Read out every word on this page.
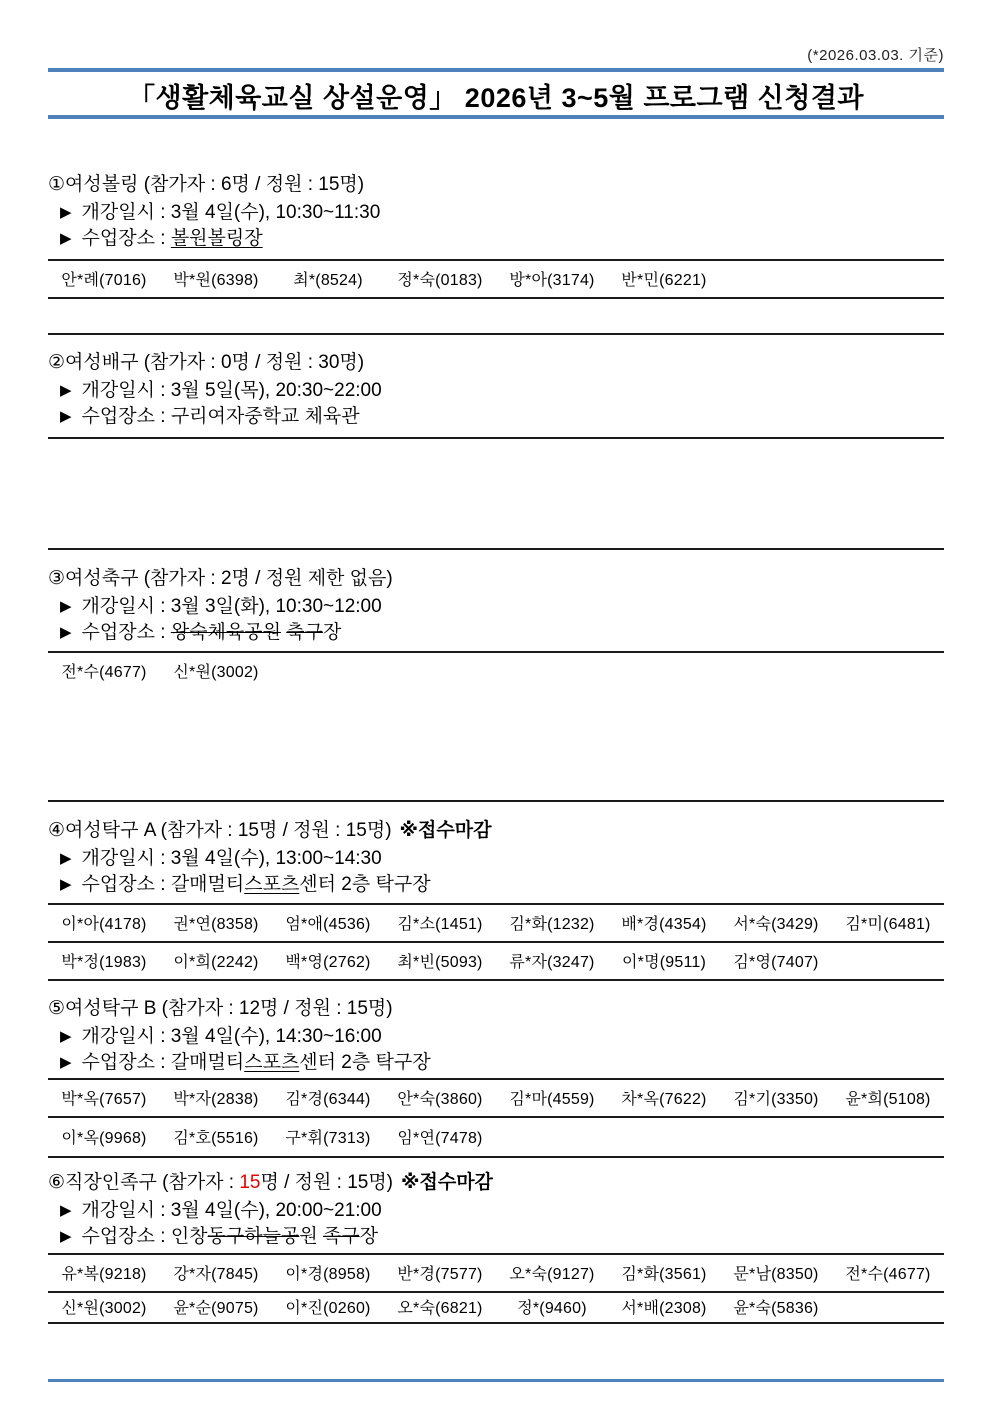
(*2026.03.03. 기준)
「생활체육교실 상설운영」 2026년 3~5월 프로그램 신청결과
①여성볼링 (참가자 : 6명 / 정원 : 15명)
▶ 개강일시 : 3월 4일(수), 10:30~11:30
▶ 수업장소 : 볼원볼링장
안*례(7016)	박*원(6398)	최*(8524)	정*숙(0183)	방*아(3174)	반*민(6221)
②여성배구 (참가자 : 0명 / 정원 : 30명)
▶ 개강일시 : 3월 5일(목), 20:30~22:00
▶ 수업장소 : 구리여자중학교 체육관
③여성축구 (참가자 : 2명 / 정원 제한 없음)
▶ 개강일시 : 3월 3일(화), 10:30~12:00
▶ 수업장소 : 왕숙체육공원 축구장
전*수(4677)	신*원(3002)
④여성탁구 A (참가자 : 15명 / 정원 : 15명) ※접수마감
▶ 개강일시 : 3월 4일(수), 13:00~14:30
▶ 수업장소 : 갈매멀티스포츠센터 2층 탁구장
이*아(4178)	권*연(8358)	엄*애(4536)	김*소(1451)	김*화(1232)	배*경(4354)	서*숙(3429)	김*미(6481)
박*정(1983)	이*희(2242)	백*영(2762)	최*빈(5093)	류*자(3247)	이*명(9511)	김*영(7407)
⑤여성탁구 B (참가자 : 12명 / 정원 : 15명)
▶ 개강일시 : 3월 4일(수), 14:30~16:00
▶ 수업장소 : 갈매멀티스포츠센터 2층 탁구장
박*옥(7657)	박*자(2838)	김*경(6344)	안*숙(3860)	김*마(4559)	차*옥(7622)	김*기(3350)	윤*희(5108)
이*옥(9968)	김*호(5516)	구*휘(7313)	임*연(7478)
⑥직장인족구 (참가자 : 15명 / 정원 : 15명) ※접수마감
▶ 개강일시 : 3월 4일(수), 20:00~21:00
▶ 수업장소 : 인창동구하늘공원 족구장
유*복(9218)	강*자(7845)	이*경(8958)	반*경(7577)	오*숙(9127)	김*화(3561)	문*남(8350)	전*수(4677)
신*원(3002)	윤*순(9075)	이*진(0260)	오*숙(6821)	정*(9460)	서*배(2308)	윤*숙(5836)
